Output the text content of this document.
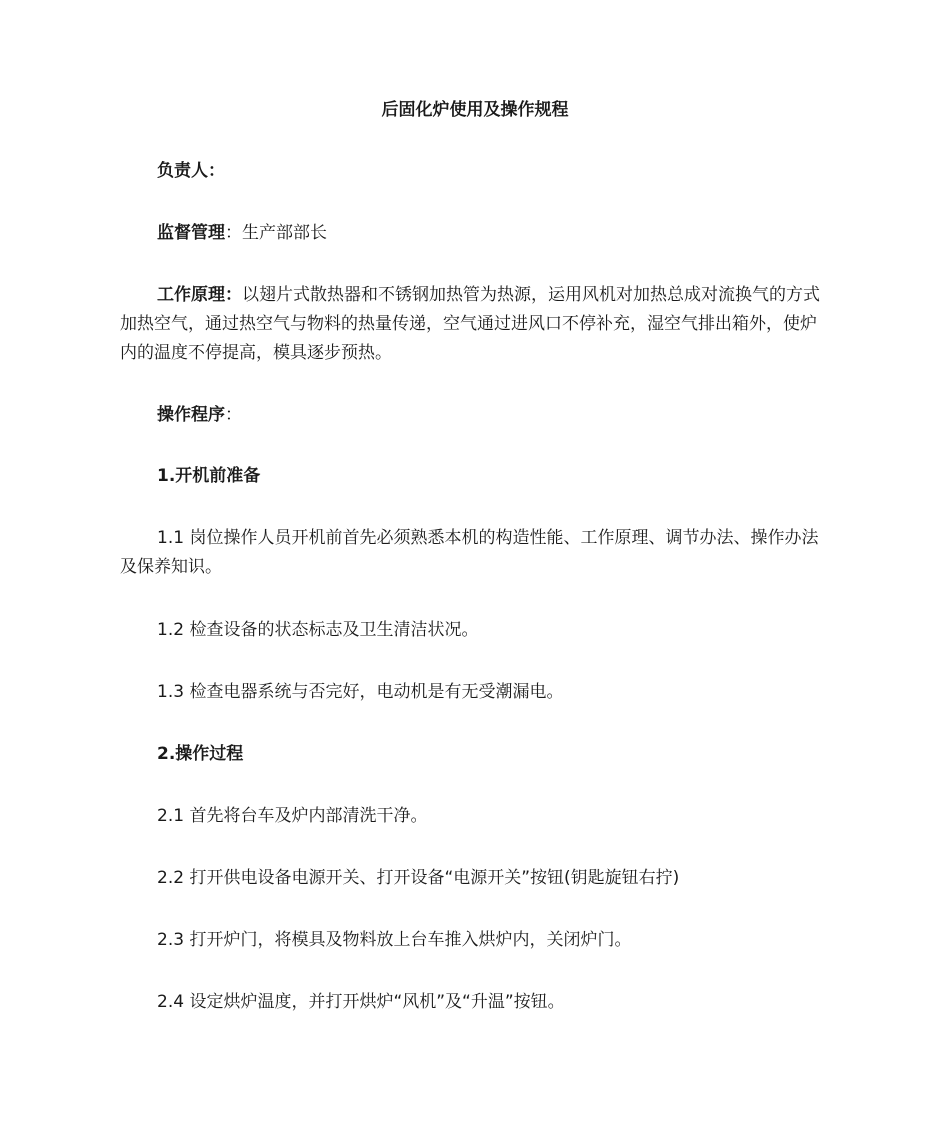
后固化炉使用及操作规程

负责人：

监督管理：生产部部长

工作原理：以翅片式散热器和不锈钢加热管为热源，运用风机对加热总成对流换气的方式加热空气，通过热空气与物料的热量传递，空气通过进风口不停补充，湿空气排出箱外，使炉内的温度不停提高，模具逐步预热。

操作程序：

1.开机前准备

1.1 岗位操作人员开机前首先必须熟悉本机的构造性能、工作原理、调节办法、操作办法及保养知识。

1.2 检查设备的状态标志及卫生清洁状况。

1.3 检查电器系统与否完好，电动机是有无受潮漏电。

2.操作过程

2.1 首先将台车及炉内部清洗干净。

2.2 打开供电设备电源开关、打开设备“电源开关”按钮(钥匙旋钮右拧)

2.3 打开炉门，将模具及物料放上台车推入烘炉内，关闭炉门。

2.4 设定烘炉温度，并打开烘炉“风机”及“升温”按钮。
